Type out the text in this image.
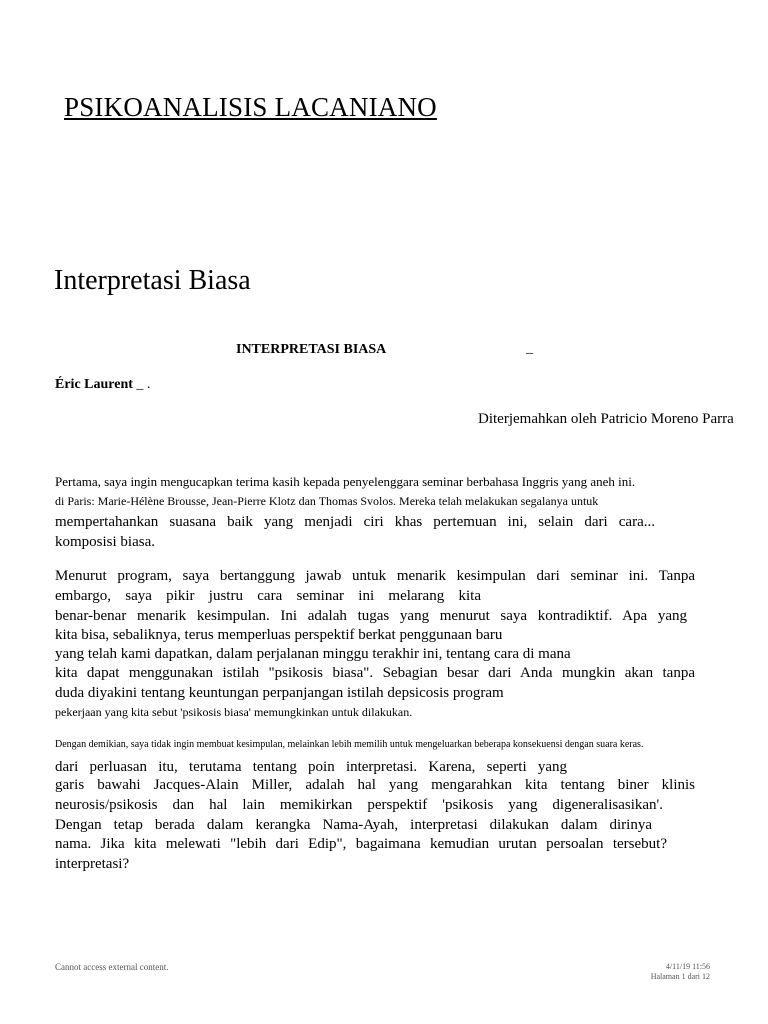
PSIKOANALISIS LACANIANO
Interpretasi Biasa
INTERPRETASI BIASA	_
Éric Laurent _ .
Diterjemahkan oleh Patricio Moreno Parra
Pertama, saya ingin mengucapkan terima kasih kepada penyelenggara seminar berbahasa Inggris yang aneh ini.
di Paris: Marie-Hélène Brousse, Jean-Pierre Klotz dan Thomas Svolos. Mereka telah melakukan segalanya untuk
mempertahankan suasana baik yang menjadi ciri khas pertemuan ini, selain dari cara...
komposisi biasa.
Menurut program, saya bertanggung jawab untuk menarik kesimpulan dari seminar ini. Tanpa
embargo, saya pikir justru cara seminar ini melarang kita
benar-benar menarik kesimpulan. Ini adalah tugas yang menurut saya kontradiktif. Apa yang
kita bisa, sebaliknya, terus memperluas perspektif berkat penggunaan baru
yang telah kami dapatkan, dalam perjalanan minggu terakhir ini, tentang cara di mana
kita dapat menggunakan istilah "psikosis biasa". Sebagian besar dari Anda mungkin akan tanpa
duda diyakini tentang keuntungan perpanjangan istilah depsicosis program
pekerjaan yang kita sebut 'psikosis biasa' memungkinkan untuk dilakukan.
Dengan demikian, saya tidak ingin membuat kesimpulan, melainkan lebih memilih untuk mengeluarkan beberapa konsekuensi dengan suara keras.
dari perluasan itu, terutama tentang poin interpretasi. Karena, seperti yang
garis bawahi Jacques-Alain Miller, adalah hal yang mengarahkan kita tentang biner klinis
neurosis/psikosis dan hal lain memikirkan perspektif 'psikosis yang digeneralisasikan'.
Dengan tetap berada dalam kerangka Nama-Ayah, interpretasi dilakukan dalam dirinya
nama. Jika kita melewati "lebih dari Edip", bagaimana kemudian urutan persoalan tersebut?
interpretasi?
Cannot access external content.	4/11/19 11:56
Halaman 1 dari 12
